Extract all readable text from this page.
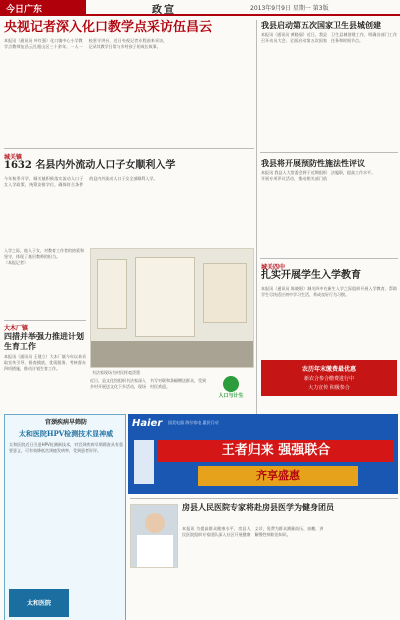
今日广东	政宣	2013年9月9日 星期一 第3版
央视记者深入化口教学点采访伍昌云
本报讯（通讯员 叶红强）化口镇中心小学教学点教师伍昌云扎根山区三十余年，一人一校坚守讲台，近日央视记者专程前来采访，记录其教学日常与乡村孩子的成长故事。
我县启动第五次国家卫生县城创建
本报讯（通讯员 黄晓丽）近日，我县召开动员大会，全面启动第五次国家卫生县城创建工作，明确各部门工作任务和时间节点。
我县将开展预防性施法性评议
本报讯 我县人大常委会将于近期组织开展专项评议活动，推动相关部门依法履职，提高工作水平。
城关四中
扎实开展学生入学教育
本报讯（通讯员 陈晓阳）城关四中在新生入学之际组织开展入学教育，帮助学生尽快适应初中学习生活，养成良好行为习惯。
农历年末缴费最优惠
新农合参合缴费进行中
大力宣传 积极参合
城关镇
1632 名县内外流动人口子女顺利入学
今年秋季开学，城关镇积极落实流动人口子女入学政策，统筹安排学位，确保符合条件的县内外流动人口子女全部顺利入学。
入学之际，他人子女，对教育工作者的热爱和坚守，体现了基层教师的担当。 （本报记者）
书法家现场为村民挥毫泼墨
人口与计生
近日，县文化馆组织书法家深入乡村开展送文化下乡活动，现场书写对联和条幅赠送群众，受到村民欢迎。
大木厂镇
四措并举强力推进计划生育工作
本报讯（通讯员 王建立）大木厂镇今年以来采取宣传引导、排查摸底、优质服务、考核督办四项措施，推动计划生育工作。
宫颈疾病早筛防
太和医院HPV检测技术显神威
太和医院近日引进HPV检测新技术，对宫颈疾病早期筛查具有重要意义，可有效降低宫颈癌发病率，受到患者好评。
太和医院
Haier 国美电器 海尔家电 惠民行动
王者归来 强强联合
齐享盛惠
房县人民医院专家将赴房县医学为健身团员
本报讯 为提高群众健康水平，房县人民医院组织专家团队深入社区开展健康义诊，免费为群众测量血压、血糖，讲解慢性病防治知识。
